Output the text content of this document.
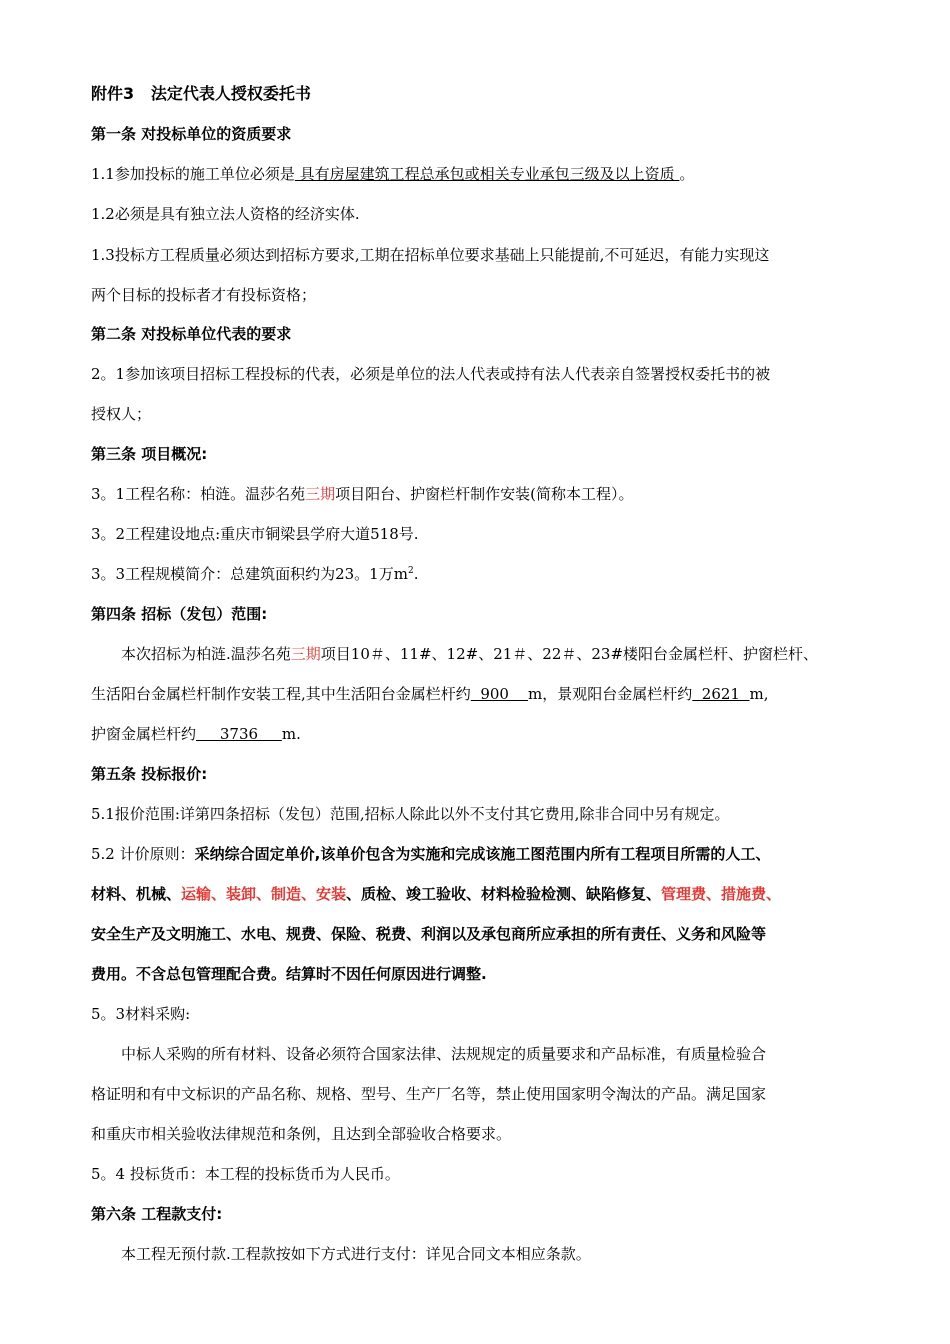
附件3 法定代表人授权委托书
第一条 对投标单位的资质要求
1.1参加投标的施工单位必须是 具有房屋建筑工程总承包或相关专业承包三级及以上资质 。
1.2必须是具有独立法人资格的经济实体.
1.3投标方工程质量必须达到招标方要求,工期在招标单位要求基础上只能提前,不可延迟，有能力实现这
两个目标的投标者才有投标资格；
第二条 对投标单位代表的要求
2。1参加该项目招标工程投标的代表，必须是单位的法人代表或持有法人代表亲自签署授权委托书的被
授权人；
第三条 项目概况:
3。1工程名称：柏涟。温莎名苑三期项目阳台、护窗栏杆制作安装(简称本工程）。
3。2工程建设地点:重庆市铜梁县学府大道518号.
3。3工程规模简介：总建筑面积约为23。1万$m^2$.
第四条 招标（发包）范围:
本次招标为柏涟.温莎名苑三期项目10＃、11#、12#、21＃、22＃、23#楼阳台金属栏杆、护窗栏杆、
生活阳台金属栏杆制作安装工程,其中生活阳台金属栏杆约  900    m，景观阳台金属栏杆约  2621  m,
护窗金属栏杆约     3736     m.
第五条 投标报价:
5.1报价范围:详第四条招标（发包）范围,招标人除此以外不支付其它费用,除非合同中另有规定。
5.2 计价原则：采纳综合固定单价,该单价包含为实施和完成该施工图范围内所有工程项目所需的人工、
材料、机械、运输、装卸、制造、安装、质检、竣工验收、材料检验检测、缺陷修复、管理费、措施费、
安全生产及文明施工、水电、规费、保险、税费、利润以及承包商所应承担的所有责任、义务和风险等
费用。不含总包管理配合费。结算时不因任何原因进行调整.
5。3材料采购:
中标人采购的所有材料、设备必须符合国家法律、法规规定的质量要求和产品标准，有质量检验合
格证明和有中文标识的产品名称、规格、型号、生产厂名等，禁止使用国家明令淘汰的产品。满足国家
和重庆市相关验收法律规范和条例，且达到全部验收合格要求。
5。4 投标货币：本工程的投标货币为人民币。
第六条 工程款支付:
本工程无预付款.工程款按如下方式进行支付：详见合同文本相应条款。
